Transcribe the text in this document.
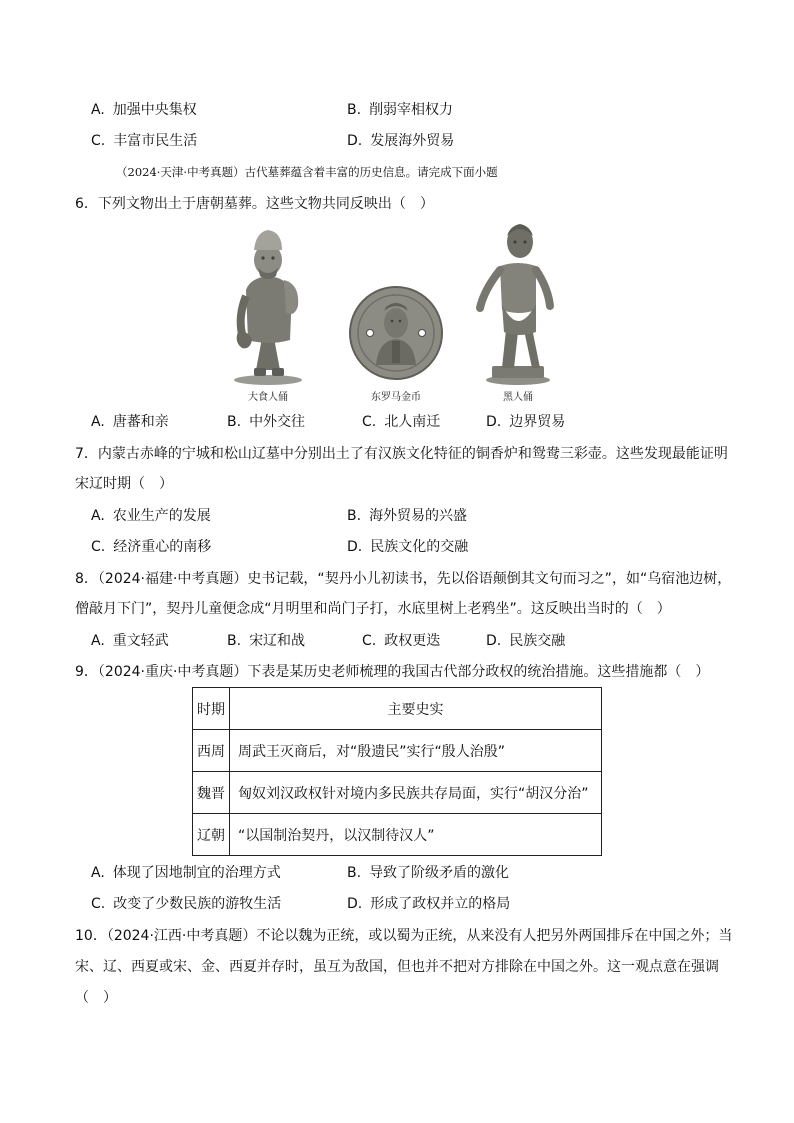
A. 加强中央集权	B. 削弱宰相权力
C. 丰富市民生活	D. 发展海外贸易
（2024·天津·中考真题）古代墓葬蕴含着丰富的历史信息。请完成下面小题
6．下列文物出土于唐朝墓葬。这些文物共同反映出（　）
大食人俑	东罗马金币	黑人俑
A. 唐蕃和亲	B. 中外交往	C. 北人南迁	D. 边界贸易
7．内蒙古赤峰的宁城和松山辽墓中分别出土了有汉族文化特征的铜香炉和鸳鸯三彩壶。这些发现最能证明
宋辽时期（　）
A. 农业生产的发展	B. 海外贸易的兴盛
C. 经济重心的南移	D. 民族文化的交融
8．（2024·福建·中考真题）史书记载，“契丹小儿初读书，先以俗语颠倒其文句而习之”，如“乌宿池边树，
僧敲月下门”，契丹儿童便念成“月明里和尚门子打，水底里树上老鸦坐”。这反映出当时的（　）
A. 重文轻武	B. 宋辽和战	C. 政权更迭	D. 民族交融
9．（2024·重庆·中考真题）下表是某历史老师梳理的我国古代部分政权的统治措施。这些措施都（　）
时期	主要史实
西周	周武王灭商后，对“殷遗民”实行“殷人治殷”
魏晋	匈奴刘汉政权针对境内多民族共存局面，实行“胡汉分治”
辽朝	“以国制治契丹，以汉制待汉人”
A. 体现了因地制宜的治理方式	B. 导致了阶级矛盾的激化
C. 改变了少数民族的游牧生活	D. 形成了政权并立的格局
10．（2024·江西·中考真题）不论以魏为正统，或以蜀为正统，从来没有人把另外两国排斥在中国之外；当
宋、辽、西夏或宋、金、西夏并存时，虽互为敌国，但也并不把对方排除在中国之外。这一观点意在强调
（　）
